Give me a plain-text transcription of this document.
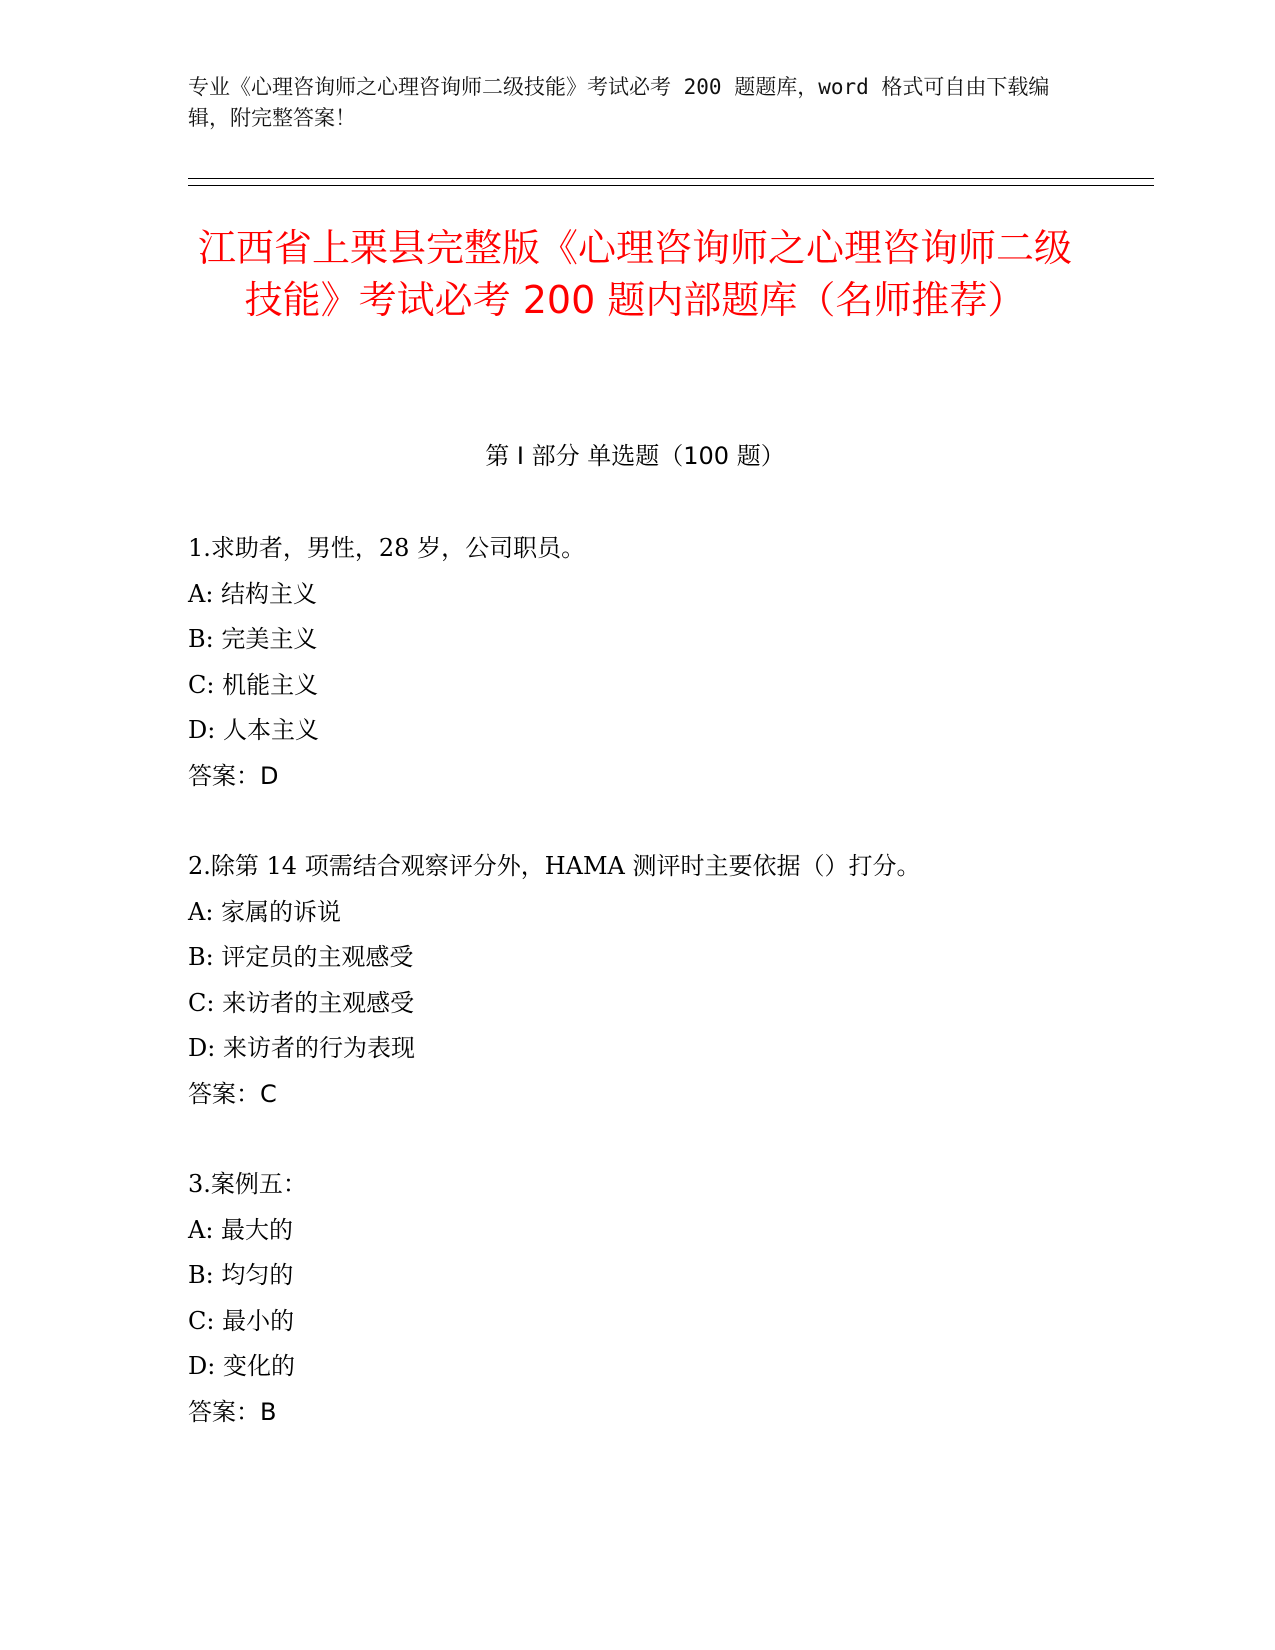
专业《心理咨询师之心理咨询师二级技能》考试必考 200 题题库，word 格式可自由下载编辑，附完整答案！
江西省上栗县完整版《心理咨询师之心理咨询师二级技能》考试必考 200 题内部题库（名师推荐）
第 I 部分 单选题（100 题）
1.求助者，男性，28 岁，公司职员。
A: 结构主义
B: 完美主义
C: 机能主义
D: 人本主义
答案：D
2.除第 14 项需结合观察评分外，HAMA 测评时主要依据（）打分。
A: 家属的诉说
B: 评定员的主观感受
C: 来访者的主观感受
D: 来访者的行为表现
答案：C
3.案例五：
A: 最大的
B: 均匀的
C: 最小的
D: 变化的
答案：B
